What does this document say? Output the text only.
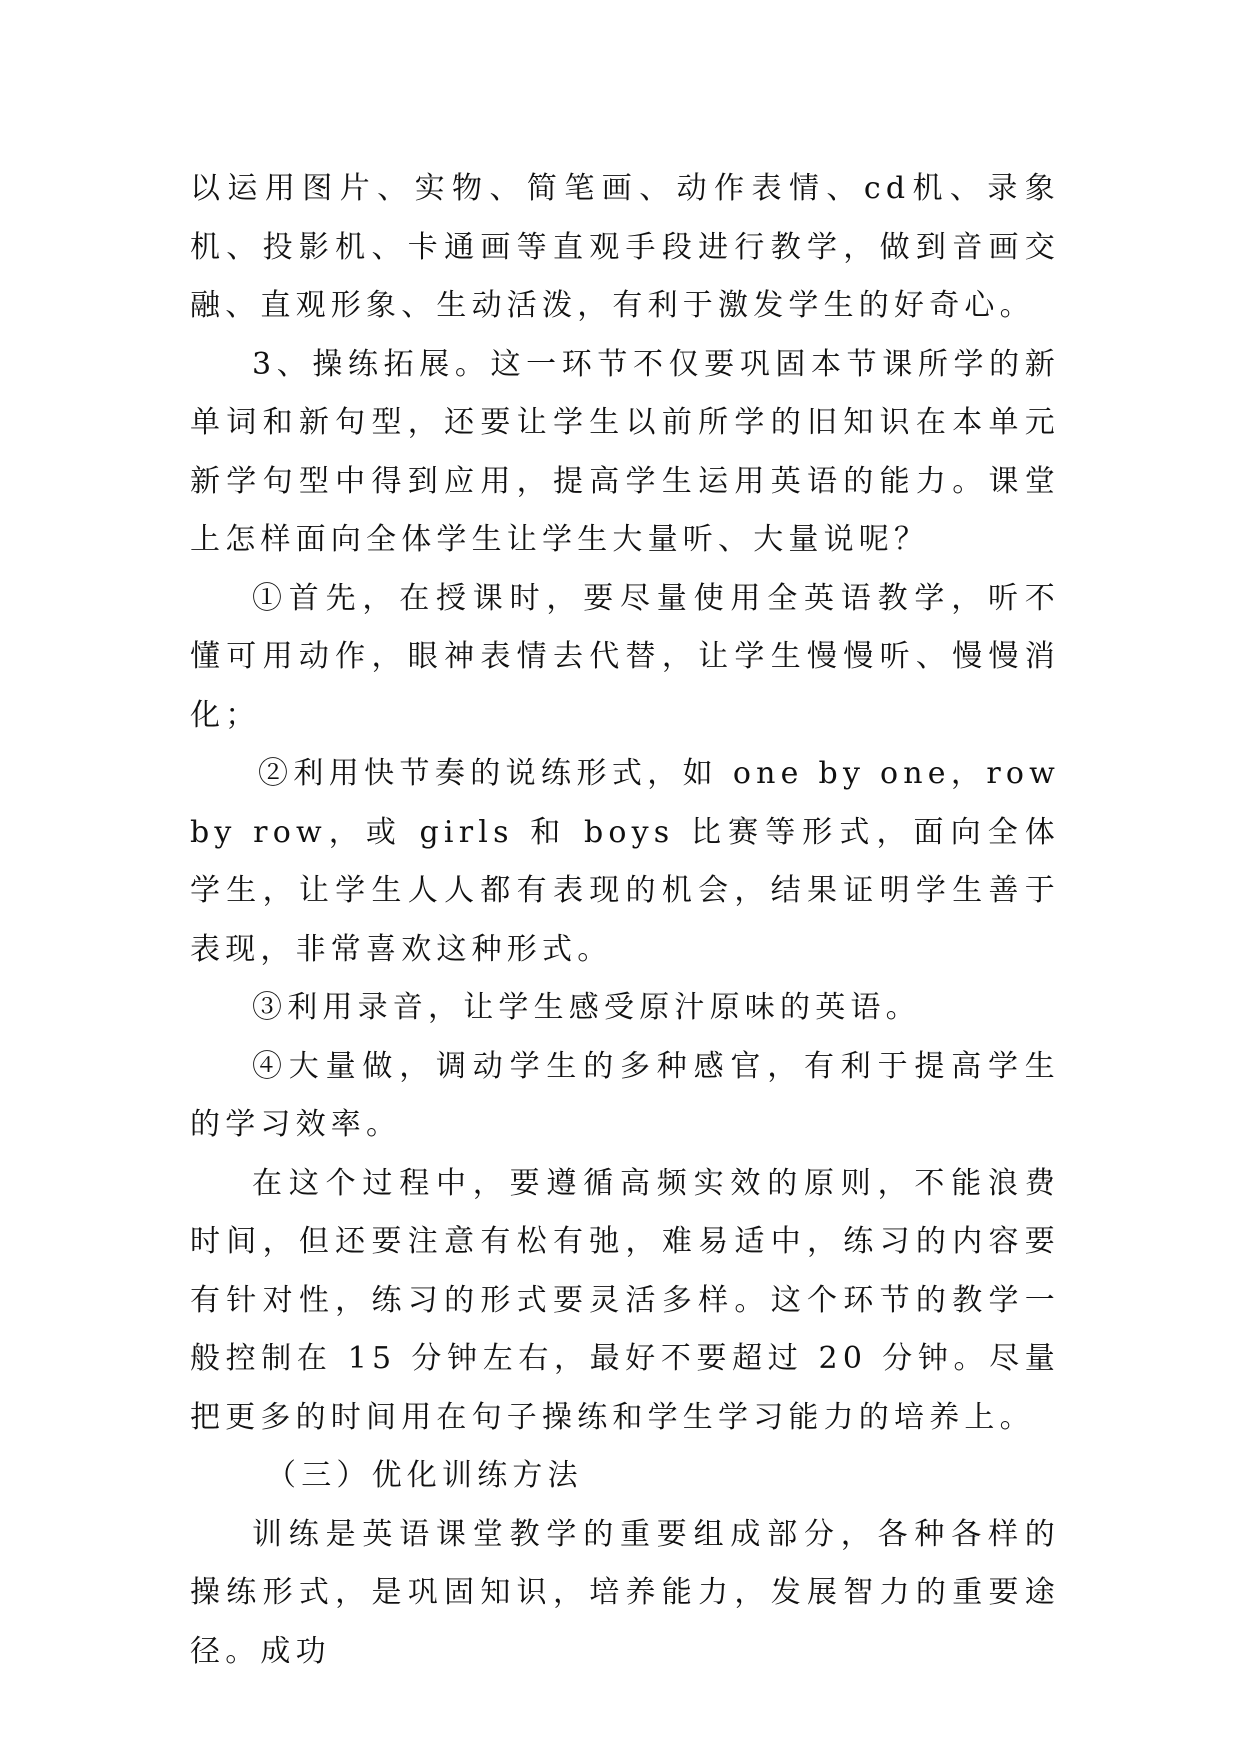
以运用图片、实物、简笔画、动作表情、cd机、录象机、投影机、卡通画等直观手段进行教学，做到音画交融、直观形象、生动活泼，有利于激发学生的好奇心。

3、操练拓展。这一环节不仅要巩固本节课所学的新单词和新句型，还要让学生以前所学的旧知识在本单元新学句型中得到应用，提高学生运用英语的能力。课堂上怎样面向全体学生让学生大量听、大量说呢？

①首先，在授课时，要尽量使用全英语教学，听不懂可用动作，眼神表情去代替，让学生慢慢听、慢慢消化；

②利用快节奏的说练形式，如 one by one，row by row，或 girls 和 boys 比赛等形式，面向全体学生，让学生人人都有表现的机会，结果证明学生善于表现，非常喜欢这种形式。

③利用录音，让学生感受原汁原味的英语。

④大量做，调动学生的多种感官，有利于提高学生的学习效率。

在这个过程中，要遵循高频实效的原则，不能浪费时间，但还要注意有松有弛，难易适中，练习的内容要有针对性，练习的形式要灵活多样。这个环节的教学一般控制在 15 分钟左右，最好不要超过 20 分钟。尽量把更多的时间用在句子操练和学生学习能力的培养上。

（三）优化训练方法

训练是英语课堂教学的重要组成部分，各种各样的操练形式，是巩固知识，培养能力，发展智力的重要途径。成功
